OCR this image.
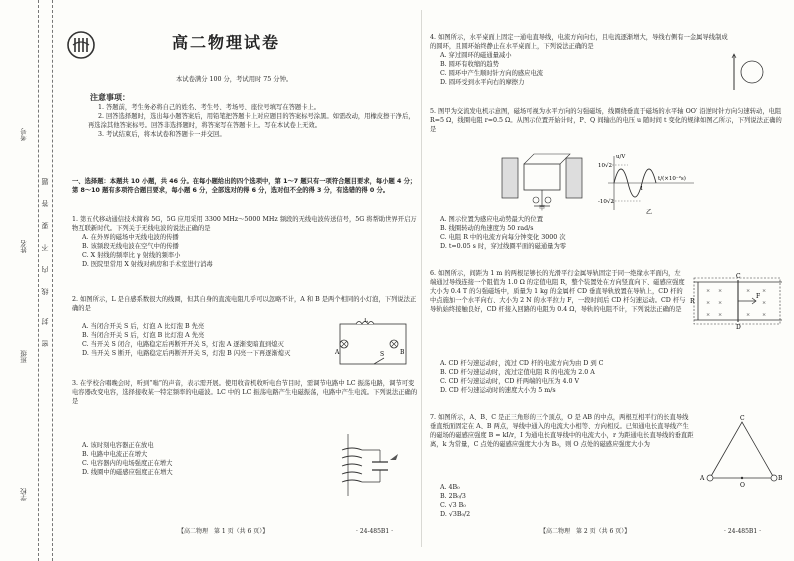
考号
姓名
班级
学校
题
答
要
不
内
线
封
密
高二物理试卷
本试卷满分 100 分，考试用时 75 分钟。
注意事项：

1. 答题前，考生务必将自己的姓名、考生号、考场号、座位号填写在答题卡上。

2. 回答选择题时，选出每小题答案后，用铅笔把答题卡上对应题目的答案标号涂黑。如需改动，用橡皮擦干净后，再选涂其他答案标号。回答非选择题时，将答案写在答题卡上。写在本试卷上无效。

3. 考试结束后，将本试卷和答题卡一并交回。

一、选择题：本题共 10 小题，共 46 分。在每小题给出的四个选项中，第 1～7 题只有一项符合题目要求，每小题 4 分；第 8～10 题有多项符合题目要求，每小题 6 分，全部选对的得 6 分，选对但不全的得 3 分，有选错的得 0 分。

1. 第五代移动通信技术简称 5G，5G 应用采用 3300 MHz～5000 MHz 频段的无线电波传送信号，5G 将帮助世界开启万物互联新时代。下列关于无线电波的说法正确的是

A. 在外界的磁场中无线电波的传播

B. 该频段无线电波在空气中的传播

C. X 射线的频率比 γ 射线的频率小

D. 医院里常用 X 射线对病房和手术室进行消毒

2. 如图所示，L 是自感系数很大的线圈，但其自身的直流电阻几乎可以忽略不计，A 和 B 是两个相同的小灯泡，下列说法正确的是

A. 当闭合开关 S 后，灯泡 A 比灯泡 B 先亮

B. 当闭合开关 S 后，灯泡 B 比灯泡 A 先亮

C. 当开关 S 闭合，电路稳定后再断开开关 S，灯泡 A 逐渐变暗直到熄灭

D. 当开关 S 断开，电路稳定后再断开开关 S，灯泡 B 闪亮一下再逐渐熄灭

L
A	B
S

3. 在学校合唱晚会时，听到“嗡”的声音，表示需开展。使用收音机收听电台节目时，需调节电路中 LC 振荡电路，调节可变电容器改变电容，选择接收某一特定频率的电磁波。LC 中的 LC 振荡电路产生电磁振荡，电路中产生电流。下列说法正确的是

A. 该时刻电容器正在放电

B. 电路中电流正在增大

C. 电容器内的电场强度正在增大

D. 线圈中的磁感应强度正在增大

4. 如图所示，水平桌面上固定一通电直导线，电流方向向右，且电流逐渐增大，导线右侧有一金属导线制成的圆环，且圆环始终静止在水平桌面上，下列说法正确的是

A. 穿过圆环的磁通量减小

B. 圆环有收缩的趋势

C. 圆环中产生顺时针方向的感应电流

D. 圆环受到水平向右的摩擦力

5. 图甲为交流发电机示意图，磁场可视为水平方向的匀强磁场，线圈绕垂直于磁场的水平轴 OO′ 沿逆时针方向匀速转动，电阻 R=5 Ω，线圈电阻 r=0.5 Ω。从图示位置开始计时，P、Q 间输出的电压 u 随时间 t 变化的规律如图乙所示，下列说法正确的是

甲
u/V
10√2
-10√2
t/(×10⁻²s)
1
乙

A. 图示位置为感应电动势最大的位置

B. 线圈转动的角速度为 50 rad/s

C. 电阻 R 中的电流方向每分钟变化 3000 次

D. t=0.05 s 时，穿过线圈平面的磁通量为零

6. 如图所示，间距为 1 m 的两根足够长的光滑平行金属导轨固定于同一绝缘水平面内，左端通过导线连接一个阻值为 1.0 Ω 的定值电阻 R，整个装置处在方向竖直向下、磁感应强度大小为 0.4 T 的匀强磁场中，质量为 1 kg 的金属杆 CD 垂直导轨放置在导轨上，CD 杆的中点施加一个水平向右、大小为 2 N 的水平拉力 F，一段时间后 CD 杆匀速运动。CD 杆与导轨始终接触良好，CD 杆接入回路的电阻为 0.4 Ω，导轨的电阻不计，下列说法正确的是

× ×	× ×
× ×	×
× ×	× ×
R
F
C
D

A. CD 杆匀速运动时，流过 CD 杆的电流方向为由 D 到 C

B. CD 杆匀速运动时，流过定值电阻 R 的电流为 2.0 A

C. CD 杆匀速运动时，CD 杆两端的电压为 4.0 V

D. CD 杆匀速运动时的速度大小为 5 m/s

7. 如图所示，A、B、C 是正三角形的三个顶点，O 是 AB 的中点，两根互相平行的长直导线垂直纸面固定在 A、B 两点，导线中通入的电流大小相等、方向相反。已知通电长直导线产生的磁场的磁感应强度 B = kI/r，I 为通电长直导线中的电流大小，r 为距通电长直导线的垂直距离，k 为常量，C 点处的磁感应强度大小为 B₀，则 O 点处的磁感应强度大小为

A. 4B₀

B. 2B₀/3

C. √3 B₀

D. √3B₀/2

C
A	B
O
【高二物理　第 1 页（共 6 页）】	· 24-485B1 ·	【高二物理　第 2 页（共 6 页）】	· 24-485B1 ·
